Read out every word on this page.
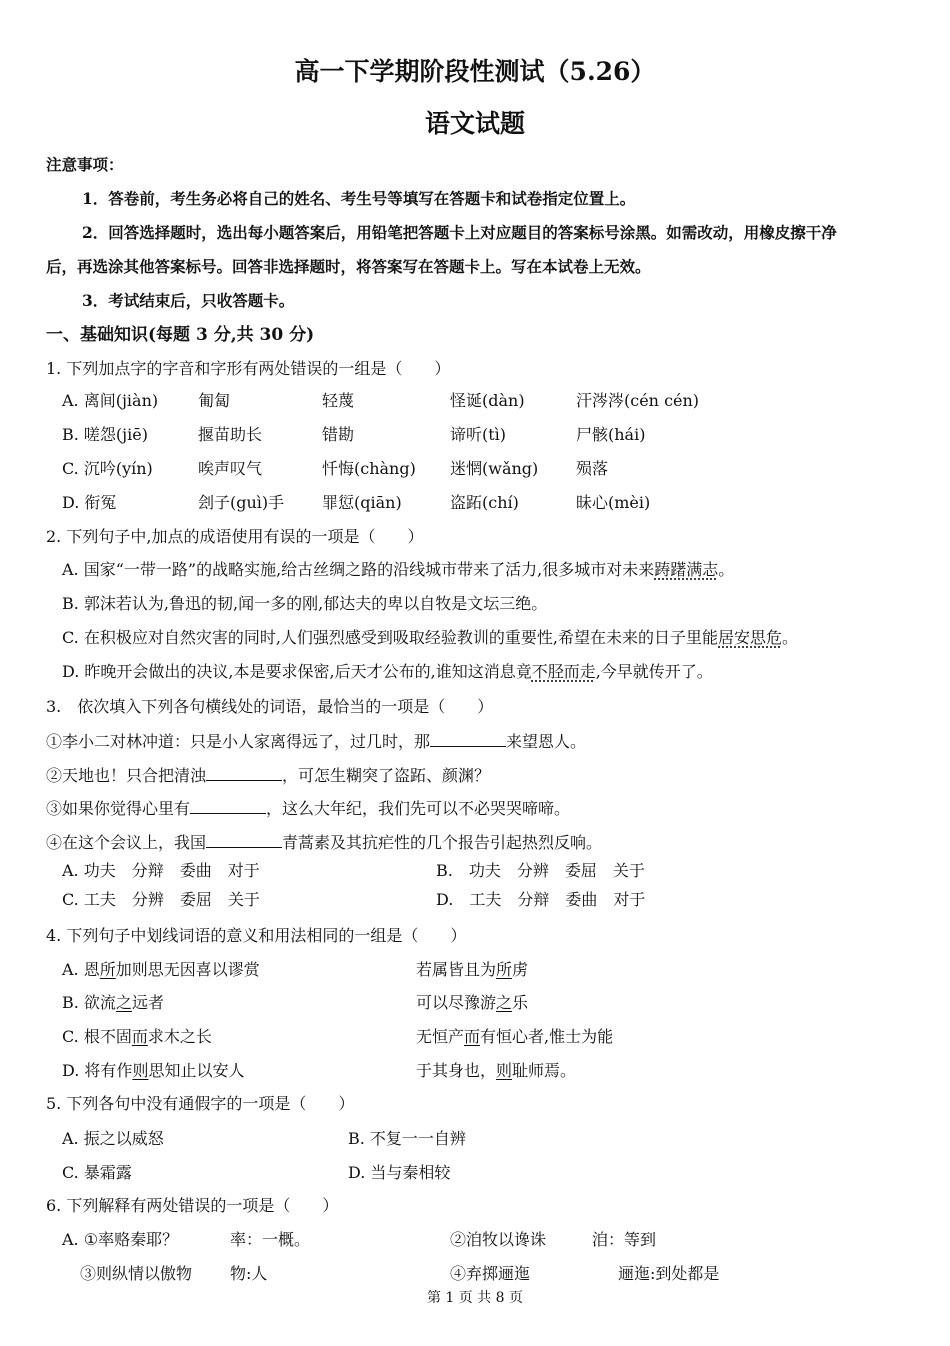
高一下学期阶段性测试（5.26）
语文试题
注意事项：
1．答卷前，考生务必将自己的姓名、考生号等填写在答题卡和试卷指定位置上。
2．回答选择题时，选出每小题答案后，用铅笔把答题卡上对应题目的答案标号涂黑。如需改动，用橡皮擦干净
后，再选涂其他答案标号。回答非选择题时，将答案写在答题卡上。写在本试卷上无效。
3．考试结束后，只收答题卡。
一、基础知识(每题 3 分,共 30 分)
1. 下列加点字的字音和字形有两处错误的一组是（　　）
A. 离间(jiàn) 匍匐	轻蔑	怪诞(dàn)	汗涔涔(cén cén)
B. 嗟怨(jiē)	揠苗助长	错勘	谛听(tì)	尸骸(hái)
C. 沉吟(yín)	唉声叹气	忏悔(chàng) 迷惘(wǎng) 殒落
D. 衔冤	刽子(guì)手 罪愆(qiān)	盗跖(chí)	昧心(mèi)
2. 下列句子中,加点的成语使用有误的一项是（　　）
A. 国家“一带一路”的战略实施,给古丝绸之路的沿线城市带来了活力,很多城市对未来踌躇满志。
B. 郭沫若认为,鲁迅的韧,闻一多的刚,郁达夫的卑以自牧是文坛三绝。
C. 在积极应对自然灾害的同时,人们强烈感受到吸取经验教训的重要性,希望在未来的日子里能居安思危。
D. 昨晚开会做出的决议,本是要求保密,后天才公布的,谁知这消息竟不胫而走,今早就传开了。
3.　依次填入下列各句横线处的词语，最恰当的一项是（　　）
①李小二对林冲道：只是小人家离得远了，过几时，那	来望恩人。
②天地也！只合把清浊	，可怎生糊突了盗跖、颜渊？
③如果你觉得心里有	，这么大年纪，我们先可以不必哭哭啼啼。
④在这个会议上，我国	青蒿素及其抗疟性的几个报告引起热烈反响。
A. 功夫　分辩　委曲　对于	B.　功夫　分辨　委屈　关于
C. 工夫　分辨　委屈　关于	D.　工夫　分辩　委曲　对于
4. 下列句子中划线词语的意义和用法相同的一组是（　　）
A. 恩所加则思无因喜以谬赏	若属皆且为所虏
B. 欲流之远者	可以尽豫游之乐
C. 根不固而求木之长	无恒产而有恒心者,惟士为能
D. 将有作则思知止以安人	于其身也，则耻师焉。
5. 下列各句中没有通假字的一项是（　　）
A. 振之以威怒	B. 不复一一自辨
C. 暴霜露	D. 当与秦相较
6. 下列解释有两处错误的一项是（　　）
A. ①率赂秦耶？	率：一概。	②洎牧以谗诛	洎：等到
③则纵情以傲物 物:人	④弃掷逦迤	逦迤:到处都是
第 1 页 共 8 页
